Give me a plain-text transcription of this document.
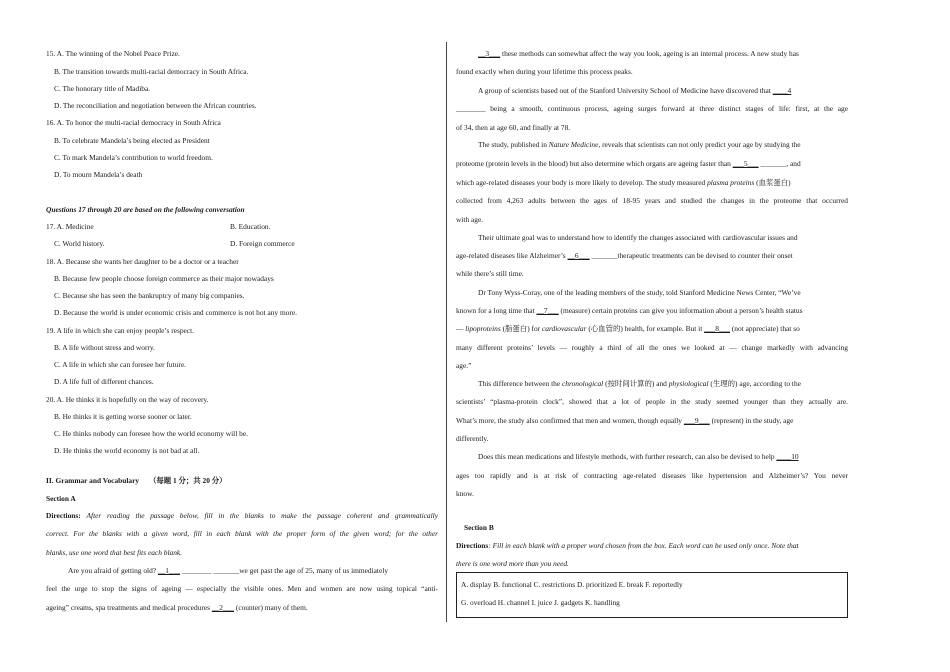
15. A. The winning of the Nobel Peace Prize.
B. The transition towards multi-racial democracy in South Africa.
C. The honorary title of Madiba.
D. The reconciliation and negotiation between the African countries.
16. A. To honor the multi-racial democracy in South Africa
B. To celebrate Mandela’s being elected as President
C. To mark Mandela’s contribution to world freedom.
D. To mourn Mandela’s death
Questions 17 through 20 are based on the following conversation
17. A. Medicine	B. Education.
C. World history.	D. Foreign commerce
18. A. Because she wants her daughter to be a doctor or a teacher
B. Because few people choose foreign commerce as their major nowadays
C. Because she has seen the bankruptcy of many big companies.
D. Because the world is under economic crisis and commerce is not hot any more.
19. A life in which she can enjoy people’s respect.
B. A life without stress and worry.
C. A life in which she can foresee her future.
D. A life full of different chances.
20. A. He thinks it is hopefully on the way of recovery.
B. He thinks it is getting worse sooner or later.
C. He thinks nobody can foresee how the world economy will be.
D. He thinks the world economy is not bad at all.
II. Grammar and Vocabulary （每题 1 分；共 20 分）
Section A
Directions: After reading the passage below, fill in the blanks to make the passage coherent and grammatically
correct. For the blanks with a given word, fill in each blank with the proper form of the given word; for the other
blanks, use one word that best fits each blank.
Are you afraid of getting old? __1___ ________ _______we get past the age of 25, many of us immediately
feel the urge to stop the signs of ageing — especially the visible ones. Men and women are now using topical “anti-
ageing” creams, spa treatments and medical procedures __2___ (counter) many of them.
__3___ these methods can somewhat affect the way you look, ageing is an internal process. A new study has
found exactly when during your lifetime this process peaks.
A group of scientists based out of the Stanford University School of Medicine have discovered that ____4
________ being a smooth, continuous process, ageing surges forward at three distinct stages of life: first, at the age
of 34, then at age 60, and finally at 78.
The study, published in Nature Medicine, reveals that scientists can not only predict your age by studying the
proteome (protein levels in the blood) but also determine which organs are ageing faster than ___5___ _______, and
which age-related diseases your body is more likely to develop. The study measured plasma proteins (血浆蛋白)
collected from 4,263 adults between the ages of 18-95 years and studied the changes in the proteome that occurred
with age.
Their ultimate goal was to understand how to identify the changes associated with cardiovascular issues and
age-related diseases like Alzheimer’s __6___ _______therapeutic treatments can be devised to counter their onset
while there’s still time.
Dr Tony Wyss-Coray, one of the leading members of the study, told Stanford Medicine News Center, “We’ve
known for a long time that __7___ (measure) certain proteins can give you information about a person’s health status
— lipoproteins (脂蛋白) for cardiovascular (心血管的) health, for example. But it ___8___ (not appreciate) that so
many different proteins’ levels — roughly a third of all the ones we looked at — change markedly with advancing
age.”
This difference between the chronological (按时间计算的) and physiological (生理的) age, according to the
scientists’ “plasma-protein clock”, showed that a lot of people in the study seemed younger than they actually are.
What’s more, the study also confirmed that men and women, though equally ___9___ (represent) in the study, age
differently.
Does this mean medications and lifestyle methods, with further research, can also be devised to help ____10
ages too rapidly and is at risk of contracting age-related diseases like hypertension and Alzheimer’s? You never
know.
Section B
Directions: Fill in each blank with a proper word chosen from the box. Each word can be used only once. Note that
there is one word more than you need.
A. display B. functional C. restrictions D. prioritized E. break F. reportedly
G. overload H. channel I. juice J. gadgets K. handling
